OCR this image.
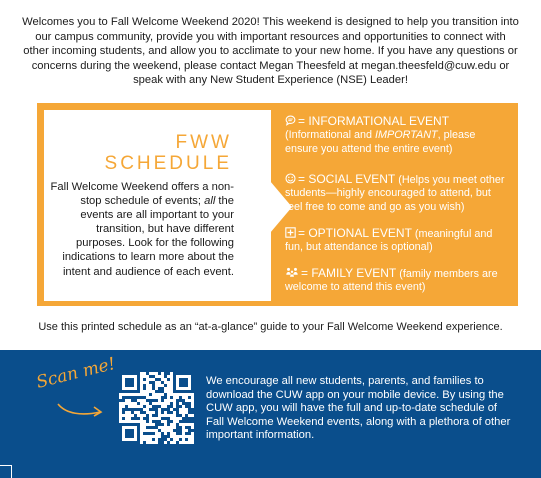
Welcomes you to Fall Welcome Weekend 2020! This weekend is designed to help you transition into our campus community, provide you with important resources and opportunities to connect with other incoming students, and allow you to acclimate to your new home. If you have any questions or concerns during the weekend, please contact Megan Theesfeld at megan.theesfeld@cuw.edu or speak with any New Student Experience (NSE) Leader!

FWW
SCHEDULE

Fall Welcome Weekend offers a non-stop schedule of events; all the events are all important to your transition, but have different purposes. Look for the following indications to learn more about the intent and audience of each event.

= INFORMATIONAL EVENT
(Informational and IMPORTANT, please ensure you attend the entire event)
= SOCIAL EVENT (Helps you meet other students—highly encouraged to attend, but feel free to come and go as you wish)
= OPTIONAL EVENT (meaningful and fun, but attendance is optional)
= FAMILY EVENT (family members are welcome to attend this event)

Use this printed schedule as an “at-a-glance” guide to your Fall Welcome Weekend experience.

Scan me!	We encourage all new students, parents, and families to download the CUW app on your mobile device. By using the CUW app, you will have the full and up-to-date schedule of Fall Welcome Weekend events, along with a plethora of other important information.
